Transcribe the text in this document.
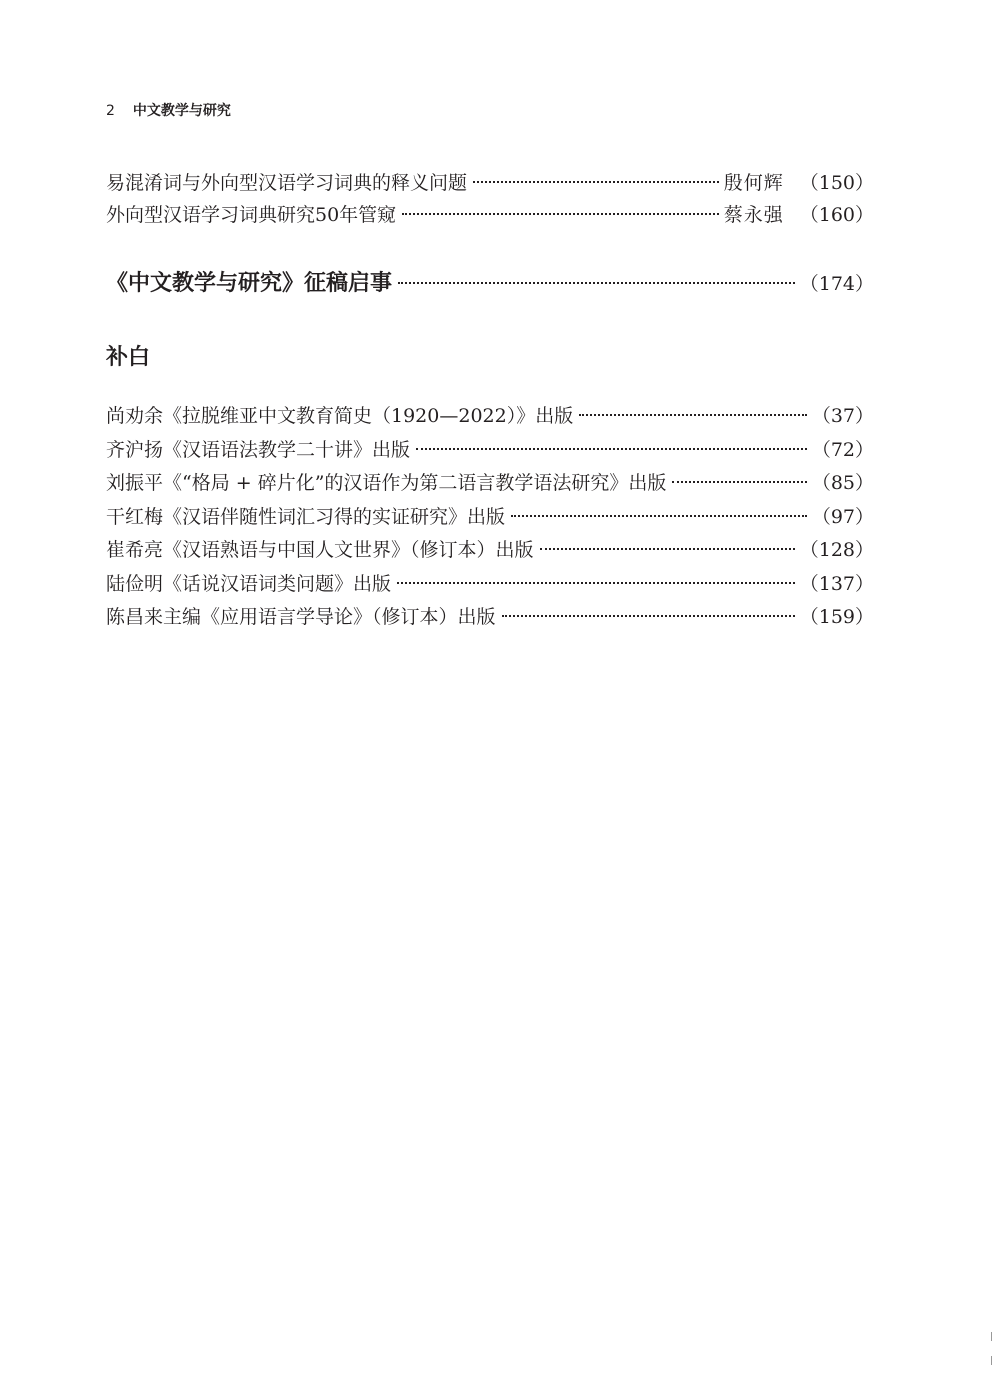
2 中文教学与研究
易混淆词与外向型汉语学习词典的释义问题	殷何辉 （150）
外向型汉语学习词典研究50年管窥	蔡永强 （160）
《中文教学与研究》征稿启事	（174）
补白
尚劝余《拉脱维亚中文教育简史（1920—2022）》出版	（37）
齐沪扬《汉语语法教学二十讲》出版	（72）
刘振平《“格局 + 碎片化”的汉语作为第二语言教学语法研究》出版	（85）
干红梅《汉语伴随性词汇习得的实证研究》出版	（97）
崔希亮《汉语熟语与中国人文世界》（修订本）出版	（128）
陆俭明《话说汉语词类问题》出版	（137）
陈昌来主编《应用语言学导论》（修订本）出版	（159）
